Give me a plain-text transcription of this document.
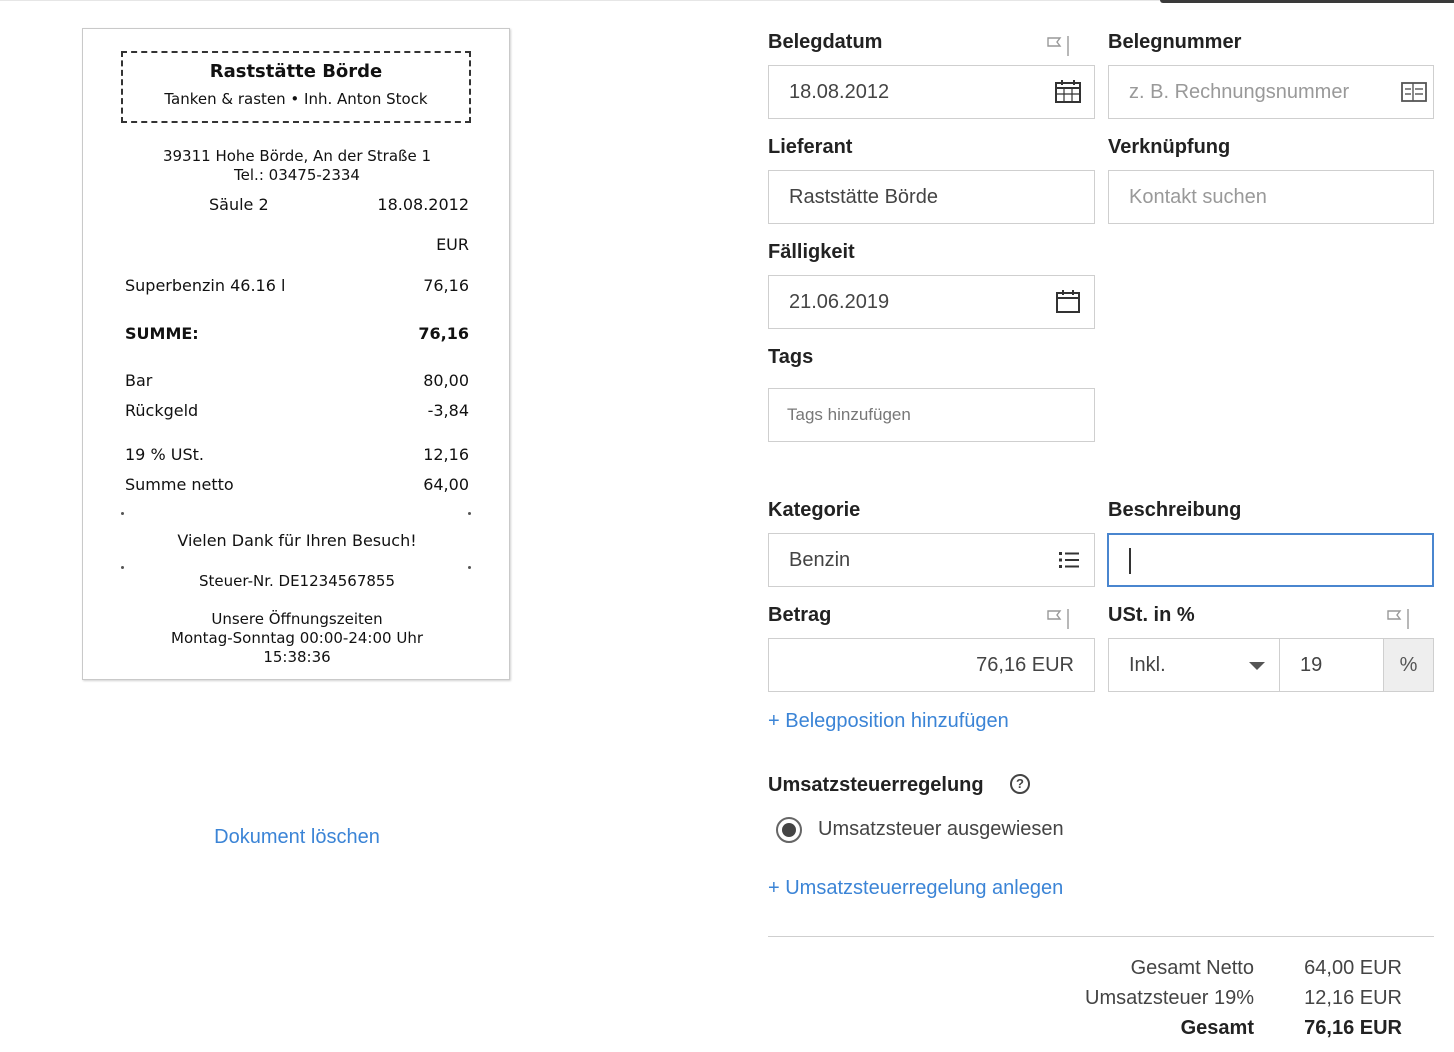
Raststätte Börde
Tanken & rasten • Inh. Anton Stock
39311 Hohe Börde, An der Straße 1
Tel.: 03475-2334
Säule 2	18.08.2012
EUR
Superbenzin 46.16 l	76,16
SUMME:	76,16
Bar	80,00
Rückgeld	-3,84
19 % USt.	12,16
Summe netto	64,00
Vielen Dank für Ihren Besuch!
Steuer-Nr. DE1234567855
Unsere Öffnungszeiten
Montag-Sonntag 00:00-24:00 Uhr
15:38:36
Dokument löschen
Belegdatum
18.08.2012
Belegnummer
z. B. Rechnungsnummer
Lieferant
Raststätte Börde
Verknüpfung
Kontakt suchen
Fälligkeit
21.06.2019
Tags
Tags hinzufügen
Kategorie
Benzin
Beschreibung
Betrag
76,16 EUR
USt. in %
Inkl.	19	%
+ Belegposition hinzufügen
Umsatzsteuerregelung	?
Umsatzsteuer ausgewiesen
+ Umsatzsteuerregelung anlegen
Gesamt Netto	64,00 EUR
Umsatzsteuer 19%	12,16 EUR
Gesamt	76,16 EUR
